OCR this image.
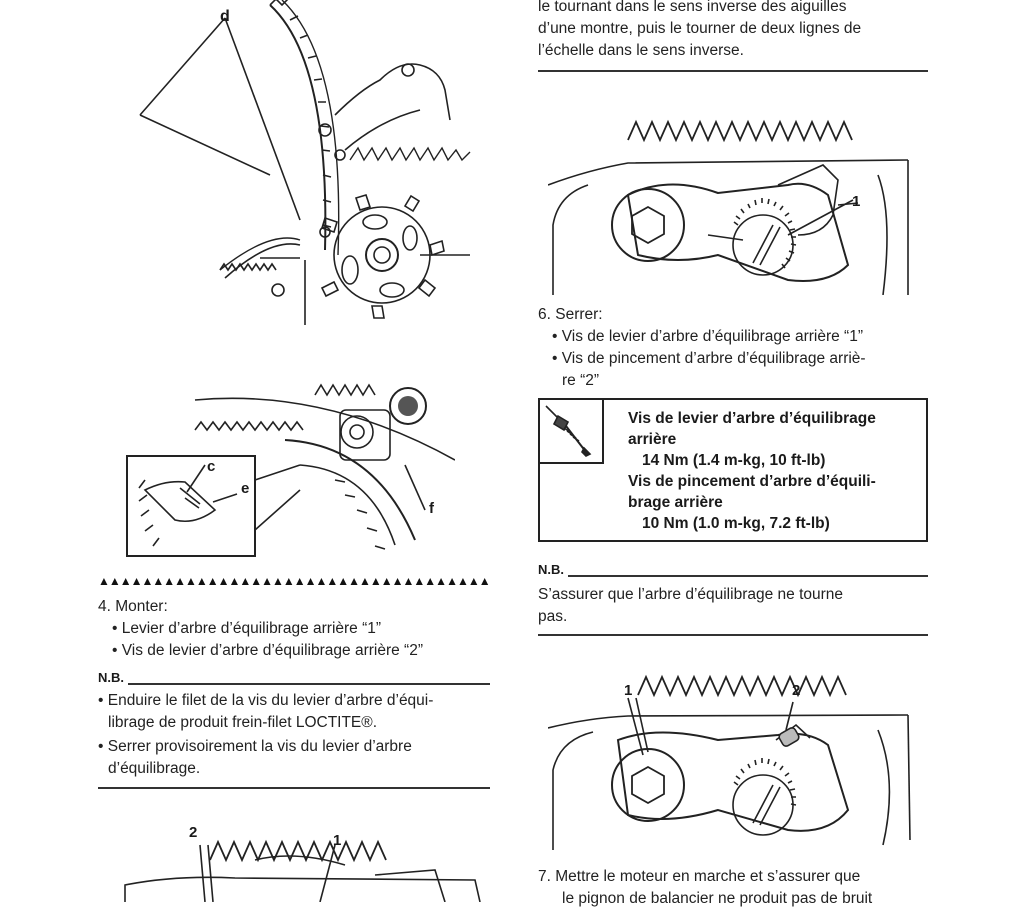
d
c
e
f
▲▲▲▲▲▲▲▲▲▲▲▲▲▲▲▲▲▲▲▲▲▲▲▲▲▲▲▲▲▲▲▲▲▲▲▲
4. Monter:
• Levier d’arbre d’équilibrage arrière “1”
• Vis de levier d’arbre d’équilibrage arrière “2”
N.B.
• Enduire le filet de la vis du levier d’arbre d’équi-
librage de produit frein-filet LOCTITE®.
• Serrer provisoirement la vis du levier d’arbre
d’équilibrage.
2	1
le tournant dans le sens inverse des aiguilles
d’une montre, puis le tourner de deux lignes de
l’échelle dans le sens inverse.
1
6. Serrer:
• Vis de levier d’arbre d’équilibrage arrière “1”
• Vis de pincement d’arbre d’équilibrage arriè-
re “2”
Vis de levier d’arbre d’équilibrage
arrière
14 Nm (1.4 m-kg, 10 ft-lb)
Vis de pincement d’arbre d’équili-
brage arrière
10 Nm (1.0 m-kg, 7.2 ft-lb)
N.B.
S’assurer que l’arbre d’équilibrage ne tourne
pas.
1	2
7. Mettre le moteur en marche et s’assurer que
le pignon de balancier ne produit pas de bruit
